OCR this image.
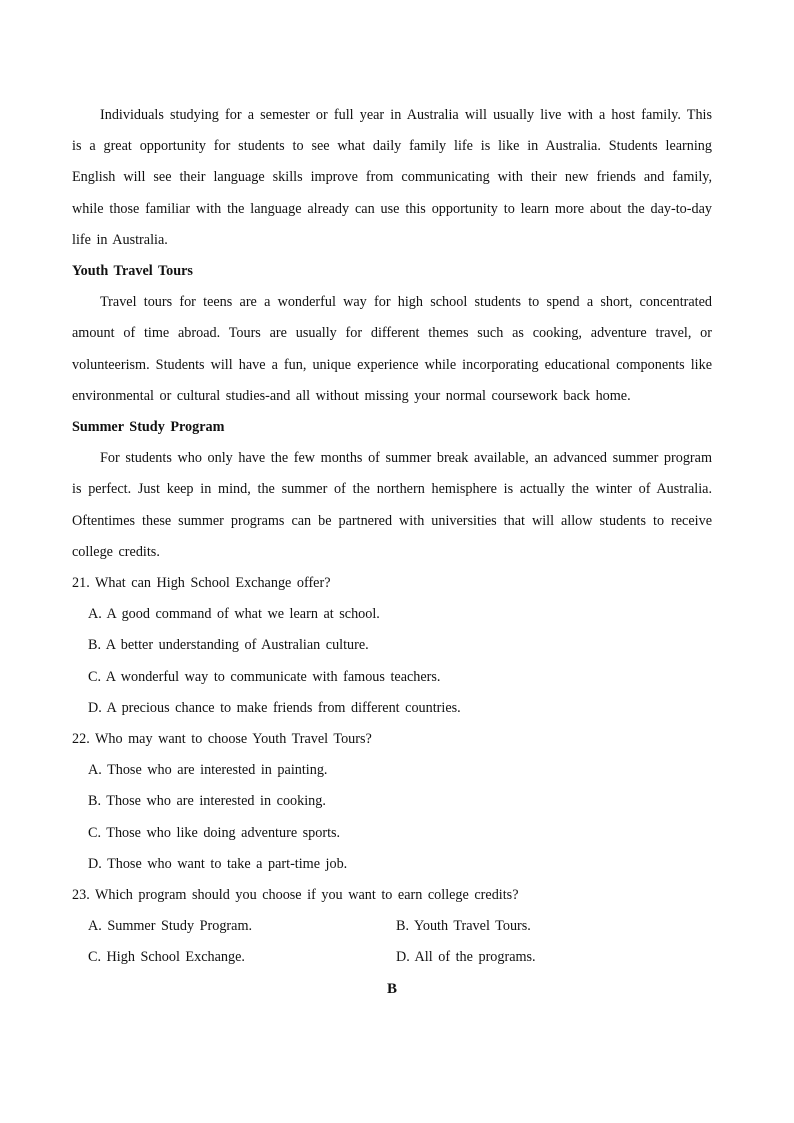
Individuals studying for a semester or full year in Australia will usually live with a host family. This is a great opportunity for students to see what daily family life is like in Australia. Students learning English will see their language skills improve from communicating with their new friends and family, while those familiar with the language already can use this opportunity to learn more about the day-to-day life in Australia.

Youth Travel Tours

Travel tours for teens are a wonderful way for high school students to spend a short, concentrated amount of time abroad. Tours are usually for different themes such as cooking, adventure travel, or volunteerism. Students will have a fun, unique experience while incorporating educational components like environmental or cultural studies-and all without missing your normal coursework back home.

Summer Study Program

For students who only have the few months of summer break available, an advanced summer program is perfect. Just keep in mind, the summer of the northern hemisphere is actually the winter of Australia. Oftentimes these summer programs can be partnered with universities that will allow students to receive college credits.

21. What can High School Exchange offer?

A. A good command of what we learn at school.
B. A better understanding of Australian culture.
C. A wonderful way to communicate with famous teachers.
D. A precious chance to make friends from different countries.

22. Who may want to choose Youth Travel Tours?

A. Those who are interested in painting.
B. Those who are interested in cooking.
C. Those who like doing adventure sports.
D. Those who want to take a part-time job.

23. Which program should you choose if you want to earn college credits?

A. Summer Study Program.	B. Youth Travel Tours.
C. High School Exchange.	D. All of the programs.

B
